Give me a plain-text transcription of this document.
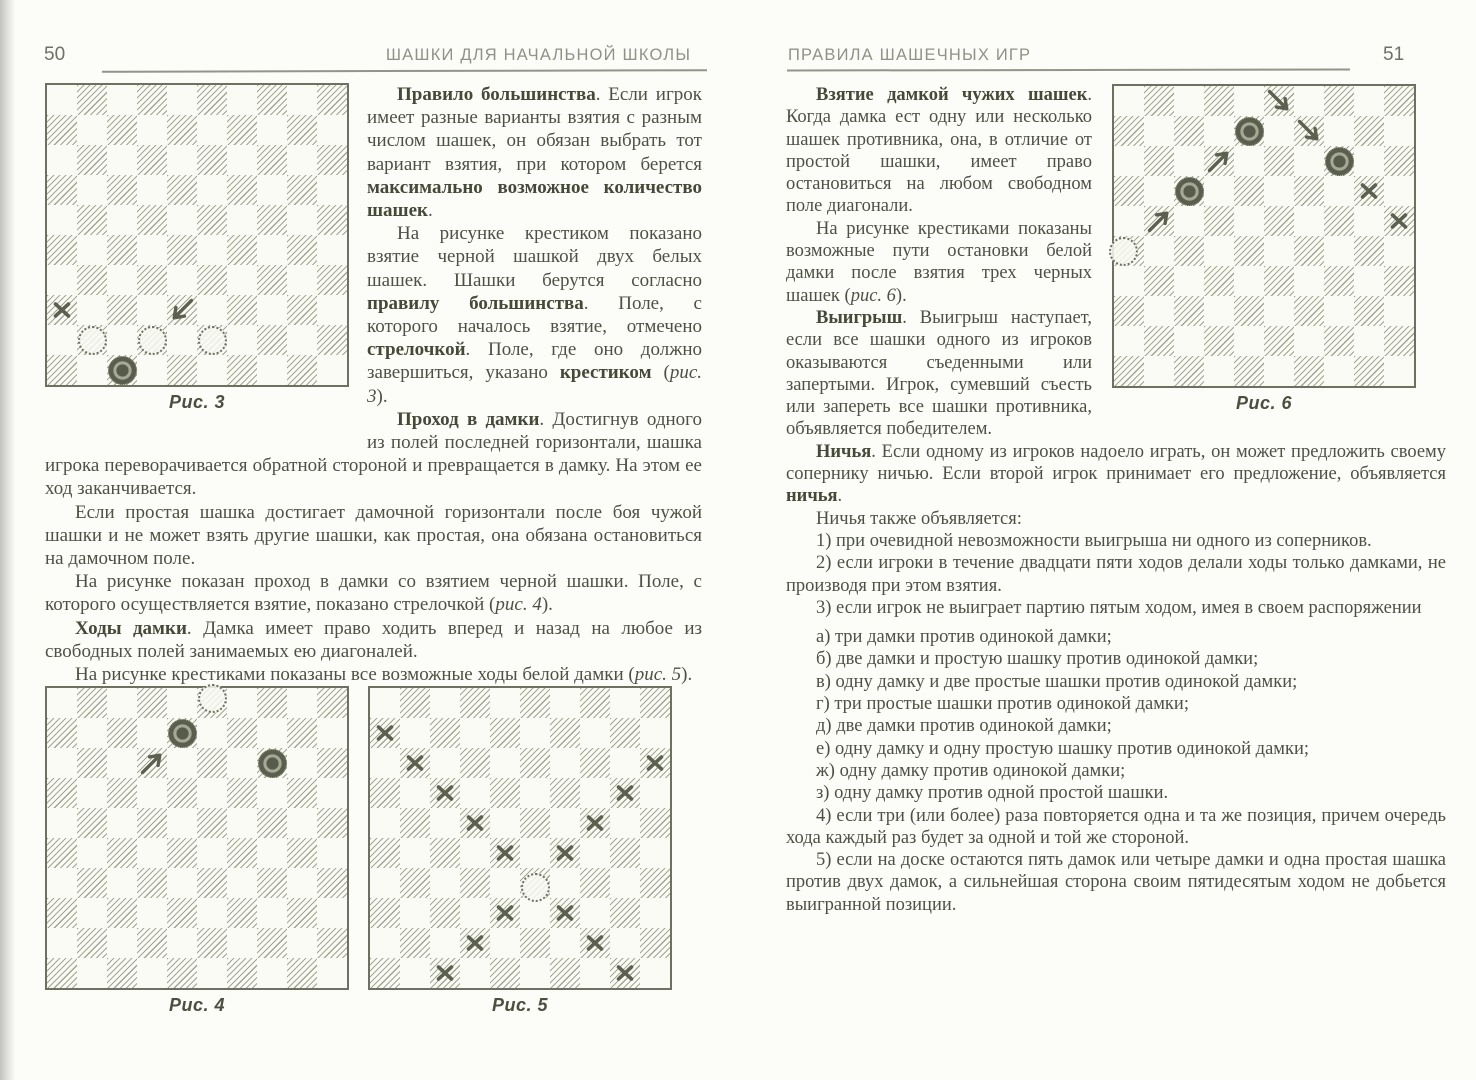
50	ШАШКИ ДЛЯ НАЧАЛЬНОЙ ШКОЛЫ	ПРАВИЛА ШАШЕЧНЫХ ИГР	51
Рис. 3

Правило большинства. Если игрок имеет разные варианты взятия с разным числом шашек, он обязан выбрать тот вариант взятия, при котором берется максимально возможное количество шашек.

На рисунке крестиком показано взятие черной шашкой двух белых шашек. Шашки берутся согласно правилу большинства. Поле, с которого началось взятие, отмечено стрелочкой. Поле, где оно должно завершиться, указано крестиком (рис. 3).

Проход в дамки. Достигнув одного из полей последней горизонтали, шашка игрока переворачивается обратной стороной и превращается в дамку. На этом ее ход заканчивается.

Если простая шашка достигает дамочной горизонтали после боя чужой шашки и не может взять другие шашки, как простая, она обязана остановиться на дамочном поле.

На рисунке показан проход в дамки со взятием черной шашки. Поле, с которого осуществляется взятие, показано стрелочкой (рис. 4).

Ходы дамки. Дамка имеет право ходить вперед и назад на любое из свободных полей занимаемых ею диагоналей.

На рисунке крестиками показаны все возможные ходы белой дамки (рис. 5).

Рис. 4	Рис. 5
Рис. 6

Взятие дамкой чужих шашек. Когда дамка ест одну или несколько шашек противника, она, в отличие от простой шашки, имеет право остановиться на любом свободном поле диагонали.

На рисунке крестиками показаны возможные пути остановки белой дамки после взятия трех черных шашек (рис. 6).

Выигрыш. Выигрыш наступает, если все шашки одного из игроков оказываются съеденными или запертыми. Игрок, сумевший съесть или запереть все шашки противника, объявляется победителем.

Ничья. Если одному из игроков надоело играть, он может предложить своему сопернику ничью. Если второй игрок принимает его предложение, объявляется ничья.

Ничья также объявляется:

1) при очевидной невозможности выигрыша ни одного из соперников.

2) если игроки в течение двадцати пяти ходов делали ходы только дамками, не производя при этом взятия.

3) если игрок не выиграет партию пятым ходом, имея в своем распоряжении

а) три дамки против одинокой дамки;

б) две дамки и простую шашку против одинокой дамки;

в) одну дамку и две простые шашки против одинокой дамки;

г) три простые шашки против одинокой дамки;

д) две дамки против одинокой дамки;

е) одну дамку и одну простую шашку против одинокой дамки;

ж) одну дамку против одинокой дамки;

з) одну дамку против одной простой шашки.

4) если три (или более) раза повторяется одна и та же позиция, причем очередь хода каждый раз будет за одной и той же стороной.

5) если на доске остаются пять дамок или четыре дамки и одна простая шашка против двух дамок, а сильнейшая сторона своим пятидесятым ходом не добьется выигранной позиции.
